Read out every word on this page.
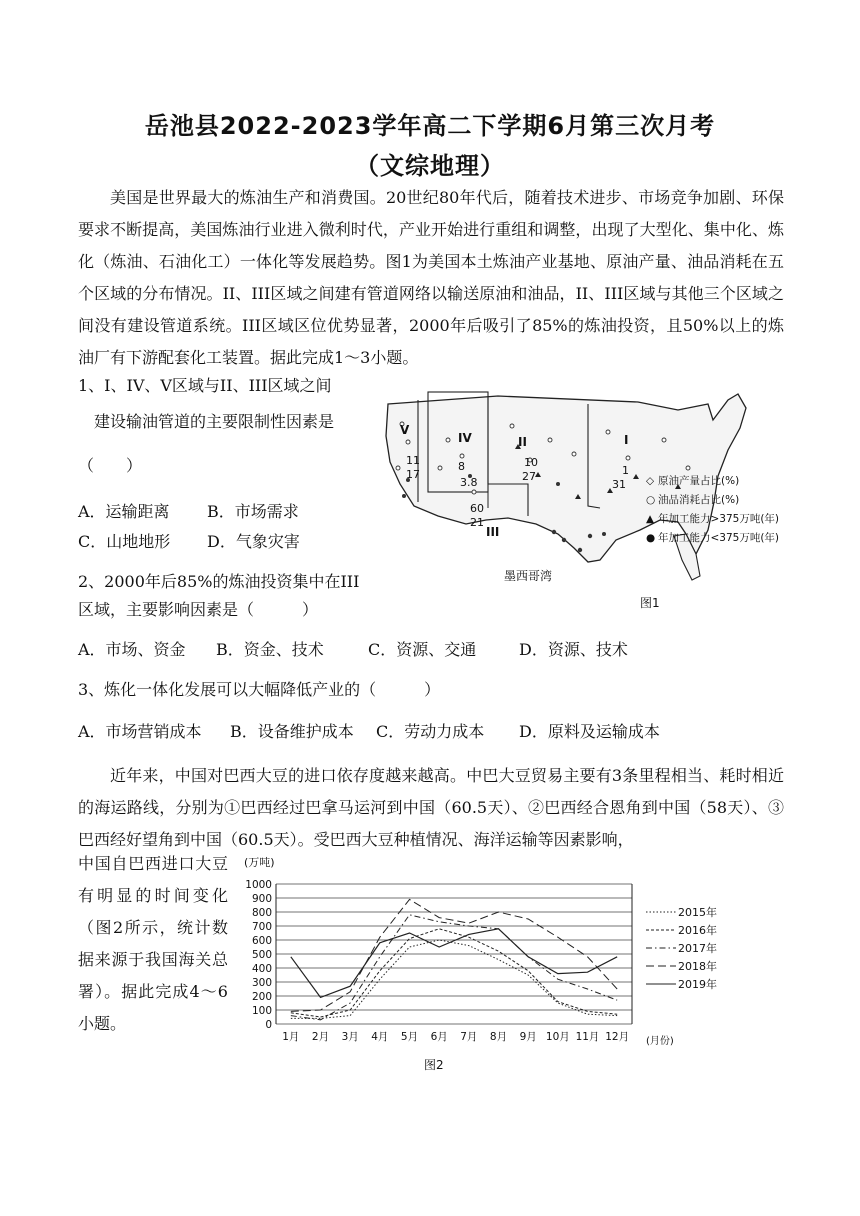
岳池县2022-2023学年高二下学期6月第三次月考
（文综地理）

美国是世界最大的炼油生产和消费国。20世纪80年代后，随着技术进步、市场竞争加剧、环保要求不断提高，美国炼油行业进入微利时代，产业开始进行重组和调整，出现了大型化、集中化、炼化（炼油、石油化工）一体化等发展趋势。图1为美国本土炼油产业基地、原油产量、油品消耗在五个区域的分布情况。II、III区域之间建有管道网络以输送原油和油品，II、III区域与其他三个区域之间没有建设管道系统。III区域区位优势显著，2000年后吸引了85%的炼油投资，且50%以上的炼油厂有下游配套化工装置。据此完成1～3小题。

1、I、IV、V区域与II、III区域之间
建设输油管道的主要限制性因素是
（　　）
A．运输距离 B．市场需求
C．山地地形 D．气象灾害
2、2000年后85%的炼油投资集中在III
区域，主要影响因素是（　　　）
A．市场、资金 B．资金、技术	C．资源、交通	D．资源、技术
3、炼化一体化发展可以大幅降低产业的（　　　）
A．市场营销成本 B．设备维护成本 C．劳动力成本 D．原料及运输成本
V
IV	II
III
I
11
17
8
3.8
10
27
60
21
1
31
墨西哥湾
◇ 原油产量占比(%)
○ 油品消耗占比(%)
▲ 年加工能力>375万吨(年)
● 年加工能力<375万吨(年)
图1

近年来，中国对巴西大豆的进口依存度越来越高。中巴大豆贸易主要有3条里程相当、耗时相近的海运路线，分别为①巴西经过巴拿马运河到中国（60.5天）、②巴西经合恩角到中国（58天）、③巴西经好望角到中国（60.5天）。受巴西大豆种植情况、海洋运输等因素影响，

中国自巴西进口大豆有明显的时间变化（图2所示，统计数据来源于我国海关总署）。据此完成4～6小题。

(万吨)
(月份)
0
100
200
300
400
500
600
700
800
900
1000
1月 2月 3月 4月 5月 6月 7月 8月 9月 10月 11月 12月
2015年
2016年
2017年
2018年
2019年
图2
